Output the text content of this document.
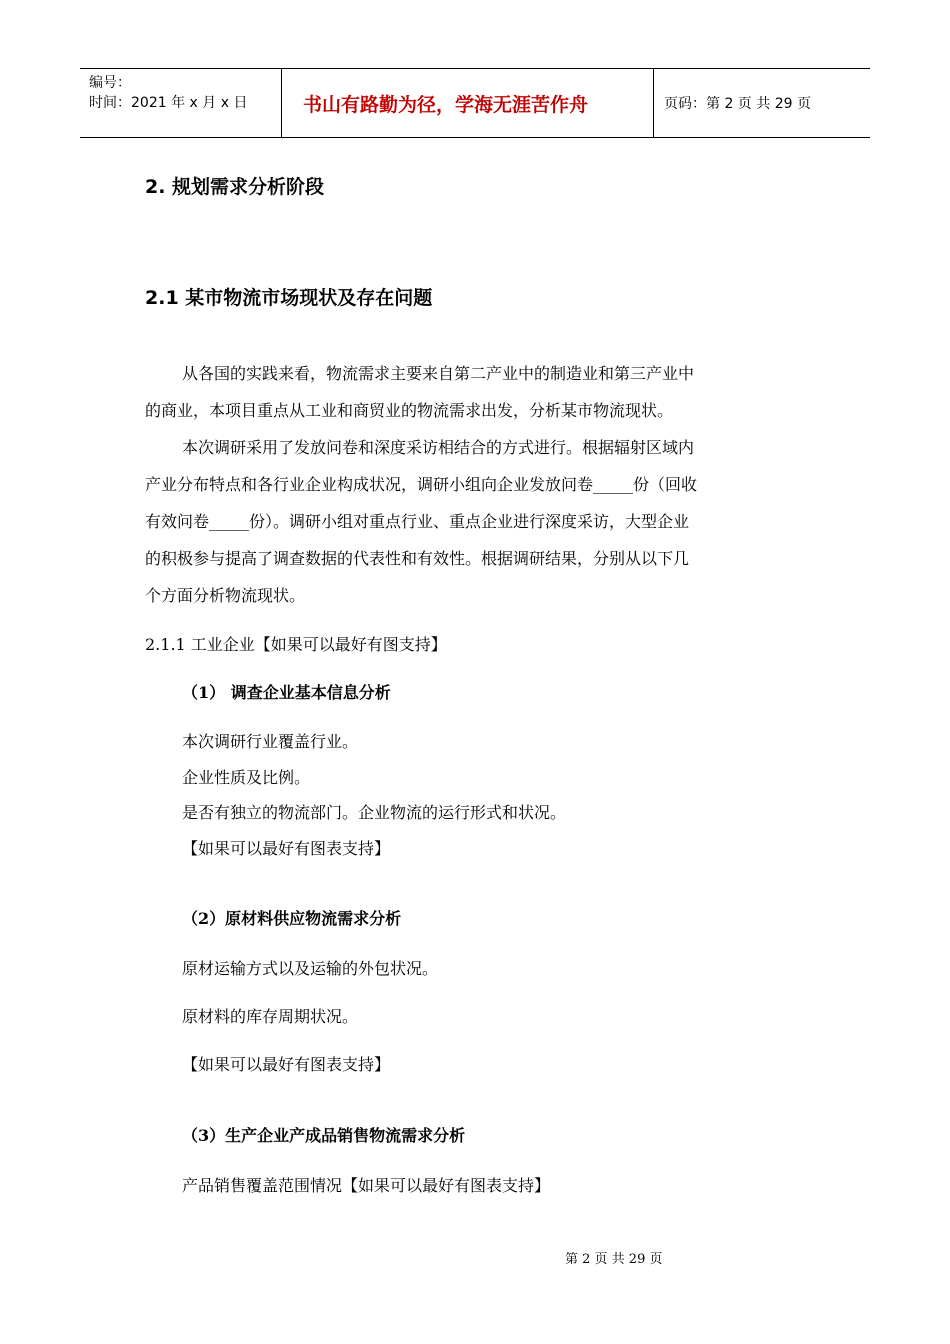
编号：
时间：2021 年 x 月 x 日	书山有路勤为径，学海无涯苦作舟	页码：第 2 页 共 29 页
2. 规划需求分析阶段
2.1 某市物流市场现状及存在问题
从各国的实践来看，物流需求主要来自第二产业中的制造业和第三产业中
的商业，本项目重点从工业和商贸业的物流需求出发，分析某市物流现状。
本次调研采用了发放问卷和深度采访相结合的方式进行。根据辐射区域内
产业分布特点和各行业企业构成状况，调研小组向企业发放问卷_____份（回收
有效问卷_____份）。调研小组对重点行业、重点企业进行深度采访，大型企业
的积极参与提高了调查数据的代表性和有效性。根据调研结果，分别从以下几
个方面分析物流现状。
2.1.1 工业企业【如果可以最好有图支持】
（1） 调查企业基本信息分析
本次调研行业覆盖行业。
企业性质及比例。
是否有独立的物流部门。企业物流的运行形式和状况。
【如果可以最好有图表支持】
（2）原材料供应物流需求分析
原材运输方式以及运输的外包状况。
原材料的库存周期状况。
【如果可以最好有图表支持】
（3）生产企业产成品销售物流需求分析
产品销售覆盖范围情况【如果可以最好有图表支持】
第 2 页 共 29 页
